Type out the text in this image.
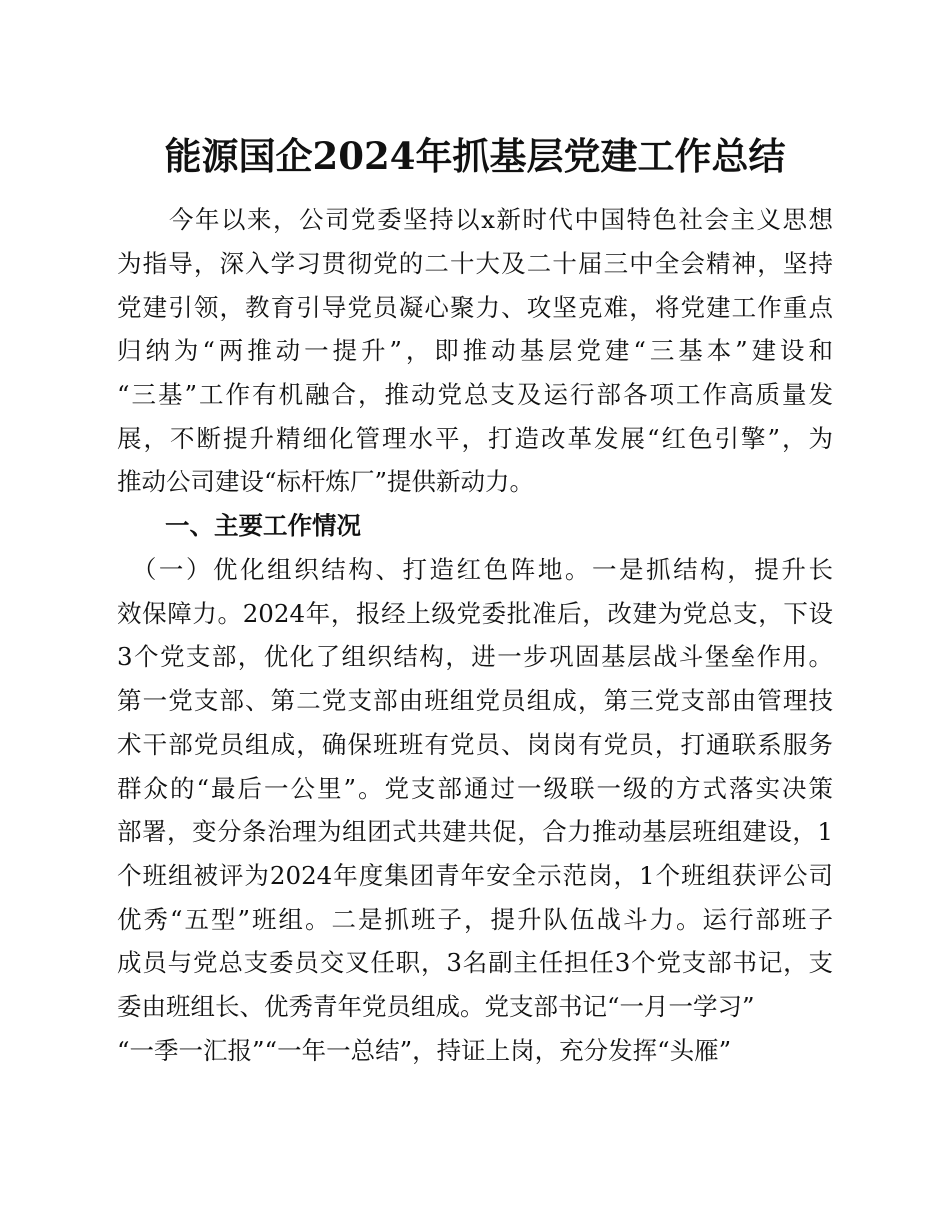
能源国企2024年抓基层党建工作总结
　　今年以来，公司党委坚持以x新时代中国特色社会主义思想
为指导，深入学习贯彻党的二十大及二十届三中全会精神，坚持
党建引领，教育引导党员凝心聚力、攻坚克难，将党建工作重点
归纳为“两推动一提升”，即推动基层党建“三基本”建设和
“三基”工作有机融合，推动党总支及运行部各项工作高质量发
展，不断提升精细化管理水平，打造改革发展“红色引擎”，为
推动公司建设“标杆炼厂”提供新动力。
一、主要工作情况
　（一）优化组织结构、打造红色阵地。一是抓结构，提升长
效保障力。2024年，报经上级党委批准后，改建为党总支，下设
3个党支部，优化了组织结构，进一步巩固基层战斗堡垒作用。
第一党支部、第二党支部由班组党员组成，第三党支部由管理技
术干部党员组成，确保班班有党员、岗岗有党员，打通联系服务
群众的“最后一公里”。党支部通过一级联一级的方式落实决策
部署，变分条治理为组团式共建共促，合力推动基层班组建设，1
个班组被评为2024年度集团青年安全示范岗，1个班组获评公司
优秀“五型”班组。二是抓班子，提升队伍战斗力。运行部班子
成员与党总支委员交叉任职，3名副主任担任3个党支部书记，支
委由班组长、优秀青年党员组成。党支部书记“一月一学习”
“一季一汇报”“一年一总结”，持证上岗，充分发挥“头雁”
